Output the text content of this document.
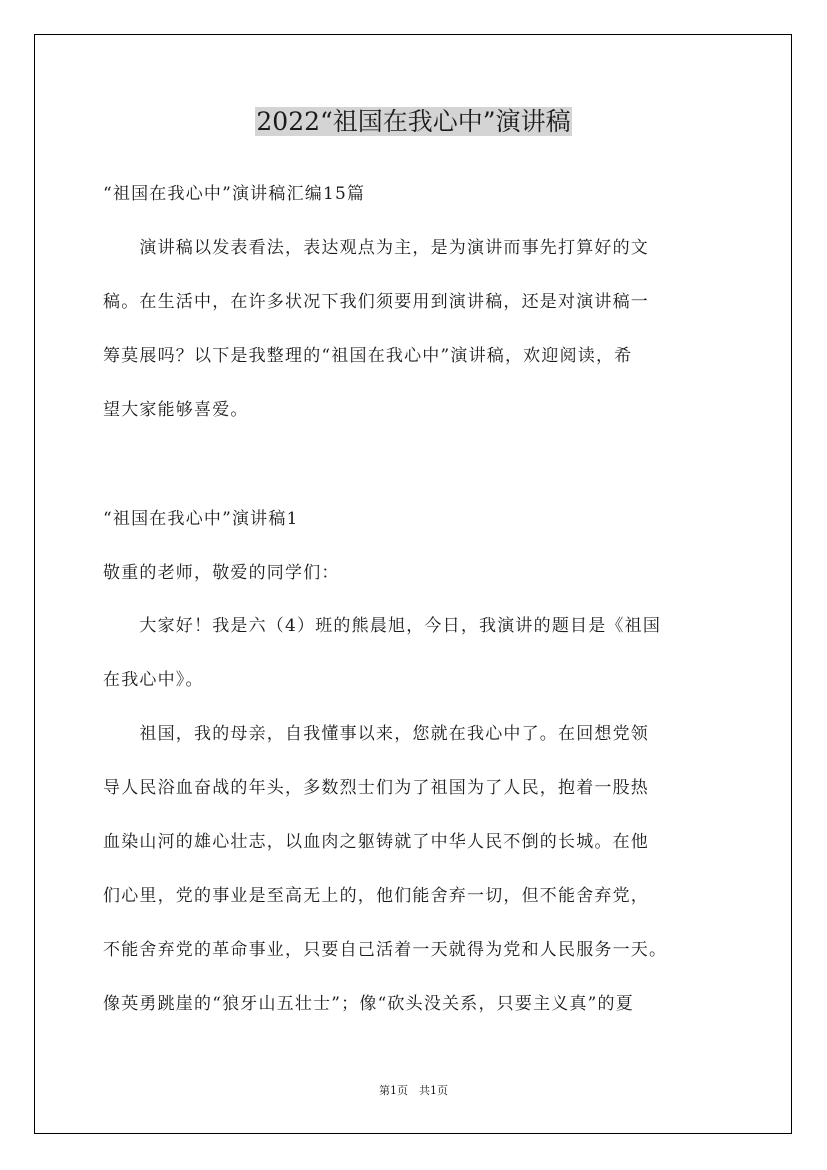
2022“祖国在我心中”演讲稿
“祖国在我心中”演讲稿汇编15篇
　　演讲稿以发表看法，表达观点为主，是为演讲而事先打算好的文
稿。在生活中，在许多状况下我们须要用到演讲稿，还是对演讲稿一
筹莫展吗？以下是我整理的“祖国在我心中”演讲稿，欢迎阅读，希
望大家能够喜爱。
“祖国在我心中”演讲稿1
敬重的老师，敬爱的同学们：
　　大家好！我是六（4）班的熊晨旭，今日，我演讲的题目是《祖国
在我心中》。
　　祖国，我的母亲，自我懂事以来，您就在我心中了。在回想党领
导人民浴血奋战的年头，多数烈士们为了祖国为了人民，抱着一股热
血染山河的雄心壮志，以血肉之躯铸就了中华人民不倒的长城。在他
们心里，党的事业是至高无上的，他们能舍弃一切，但不能舍弃党，
不能舍弃党的革命事业，只要自己活着一天就得为党和人民服务一天。
像英勇跳崖的“狼牙山五壮士”；像“砍头没关系，只要主义真”的夏
第1页　共1页
